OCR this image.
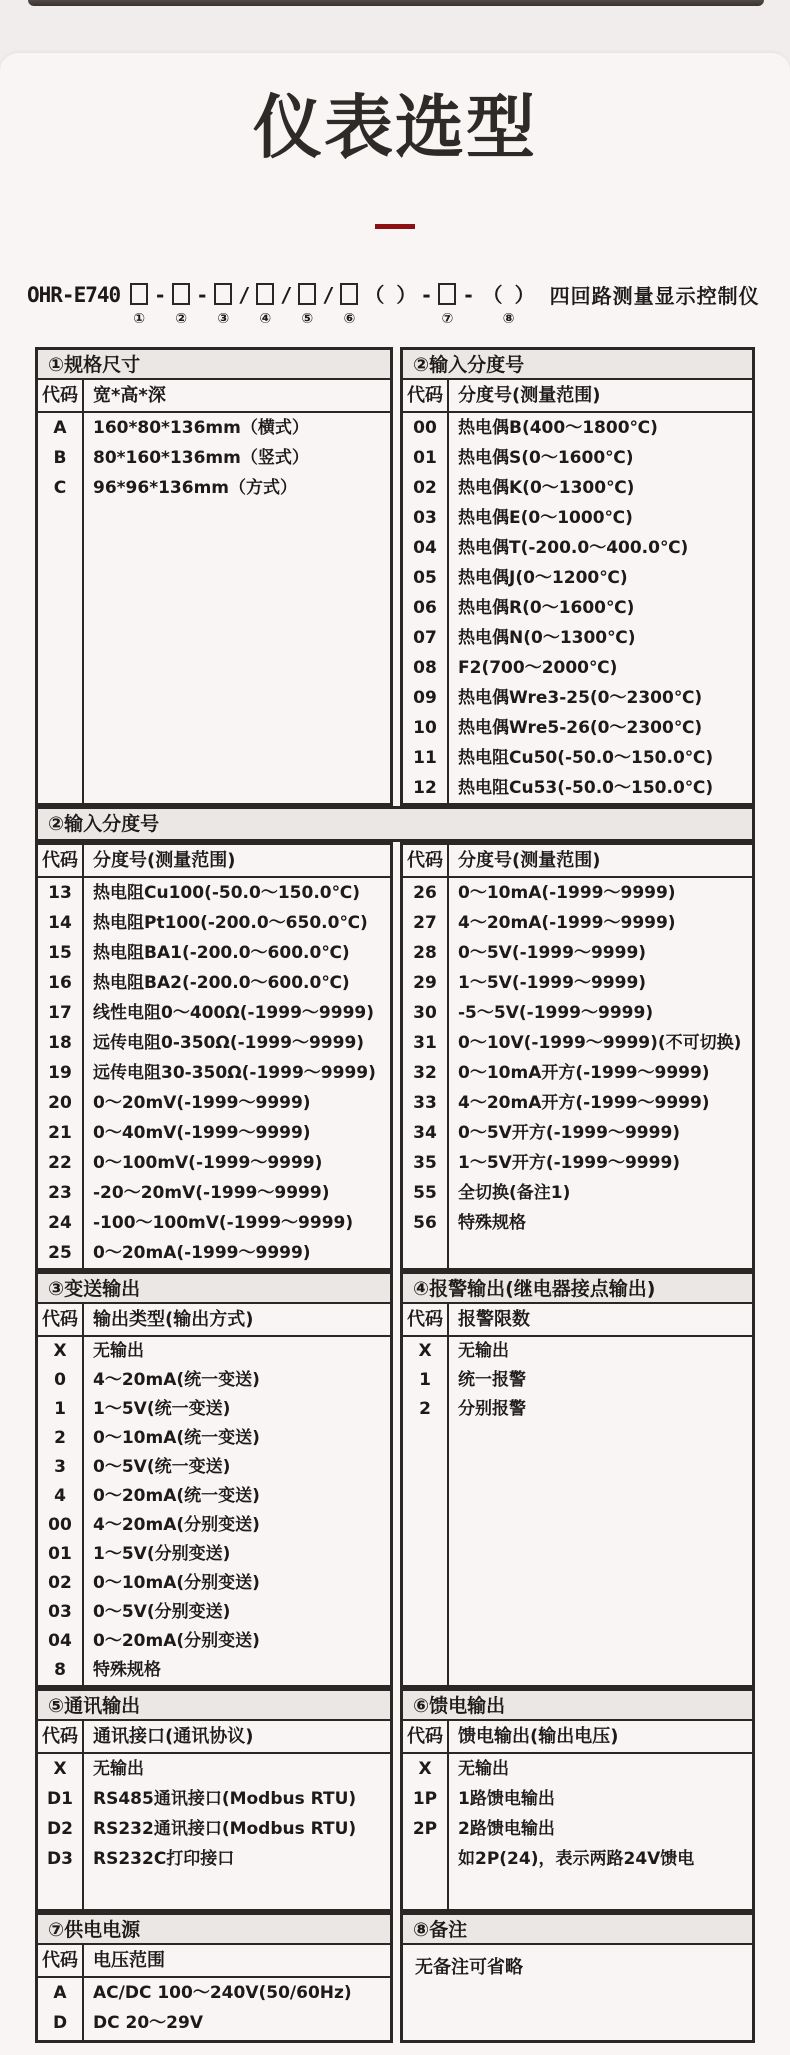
仪表选型
OHR-E740
①
-
②
-
③
/
④
/
⑤
/
⑥
（ ） -
⑦
- （ ）
⑧
四回路测量显示控制仪
①规格尺寸
代码 宽*高*深
A
B
C
160*80*136mm（横式）
80*160*136mm（竖式）
96*96*136mm（方式）
②输入分度号
代码 分度号(测量范围)
00
01
02
03
04
05
06
07
08
09
10
11
12
热电偶B(400～1800℃)
热电偶S(0～1600℃)
热电偶K(0～1300℃)
热电偶E(0～1000℃)
热电偶T(-200.0～400.0℃)
热电偶J(0～1200℃)
热电偶R(0～1600℃)
热电偶N(0～1300℃)
F2(700～2000℃)
热电偶Wre3-25(0～2300℃)
热电偶Wre5-26(0～2300℃)
热电阻Cu50(-50.0～150.0℃)
热电阻Cu53(-50.0～150.0℃)
②输入分度号
代码 分度号(测量范围)
13
14
15
16
17
18
19
20
21
22
23
24
25
热电阻Cu100(-50.0～150.0℃)
热电阻Pt100(-200.0～650.0℃)
热电阻BA1(-200.0～600.0℃)
热电阻BA2(-200.0～600.0℃)
线性电阻0～400Ω(-1999～9999)
远传电阻0-350Ω(-1999～9999)
远传电阻30-350Ω(-1999～9999)
0～20mV(-1999～9999)
0～40mV(-1999～9999)
0～100mV(-1999～9999)
-20～20mV(-1999～9999)
-100～100mV(-1999～9999)
0～20mA(-1999～9999)
代码 分度号(测量范围)
26
27
28
29
30
31
32
33
34
35
55
56
0～10mA(-1999～9999)
4～20mA(-1999～9999)
0～5V(-1999～9999)
1～5V(-1999～9999)
-5～5V(-1999～9999)
0～10V(-1999～9999)(不可切换)
0～10mA开方(-1999～9999)
4～20mA开方(-1999～9999)
0～5V开方(-1999～9999)
1～5V开方(-1999～9999)
全切换(备注1)
特殊规格
③变送输出
代码 输出类型(输出方式)
X
0
1
2
3
4
00
01
02
03
04
8
无输出
4～20mA(统一变送)
1～5V(统一变送)
0～10mA(统一变送)
0～5V(统一变送)
0～20mA(统一变送)
4～20mA(分别变送)
1～5V(分别变送)
0～10mA(分别变送)
0～5V(分别变送)
0～20mA(分别变送)
特殊规格
④报警输出(继电器接点输出)
代码 报警限数
X
1
2
无输出
统一报警
分别报警
⑤通讯输出
代码 通讯接口(通讯协议)
X
D1
D2
D3
无输出
RS485通讯接口(Modbus RTU)
RS232通讯接口(Modbus RTU)
RS232C打印接口
⑥馈电输出
代码 馈电输出(输出电压)
X
1P
2P
无输出
1路馈电输出
2路馈电输出
如2P(24)，表示两路24V馈电
⑦供电电源
代码 电压范围
A
D
AC/DC 100～240V(50/60Hz)
DC 20～29V
⑧备注
无备注可省略
